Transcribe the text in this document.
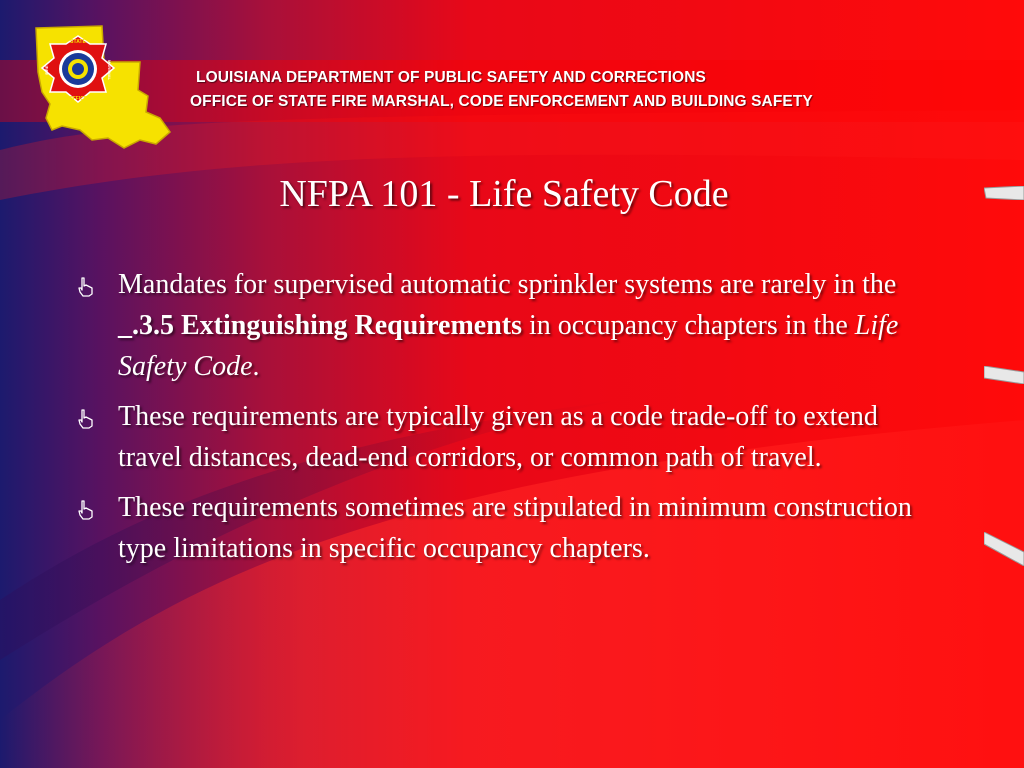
STATE
OFFICE
FIRE	MARSHAL	LOUISIANA DEPARTMENT OF PUBLIC SAFETY AND CORRECTIONS
OFFICE OF STATE FIRE MARSHAL, CODE ENFORCEMENT AND BUILDING SAFETY
NFPA 101 - Life Safety Code
Mandates for supervised automatic sprinkler systems are rarely in the _.3.5 Extinguishing Requirements in occupancy chapters in the Life Safety Code.
These requirements are typically given as a code trade-off to extend travel distances, dead-end corridors, or common path of travel.
These requirements sometimes are stipulated in minimum construction type limitations in specific occupancy chapters.
